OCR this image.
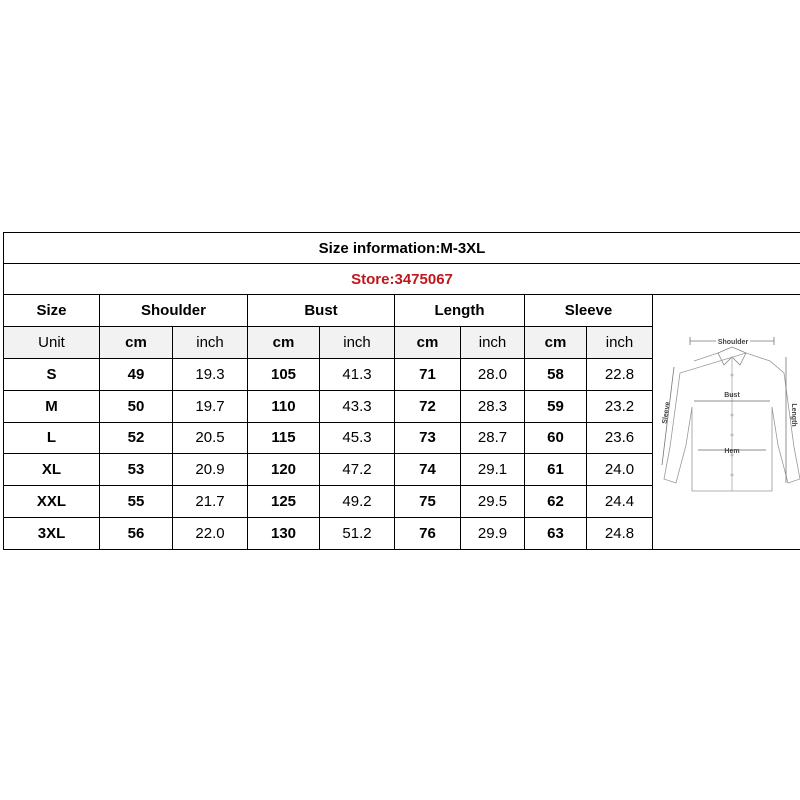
Size information:M-3XL									
Store:3475067									
Size	Shoulder		Bust		Length		Sleeve		Shoulder
Bust
Hem
Sleeve Length

Unit	cm	inch	cm	inch	cm	inch	cm	inch	
S	49	19.3	105	41.3	71	28.0	58	22.8	
M	50	19.7	110	43.3	72	28.3	59	23.2	
L	52	20.5	115	45.3	73	28.7	60	23.6	
XL	53	20.9	120	47.2	74	29.1	61	24.0	
XXL	55	21.7	125	49.2	75	29.5	62	24.4	
3XL	56	22.0	130	51.2	76	29.9	63	24.8	
